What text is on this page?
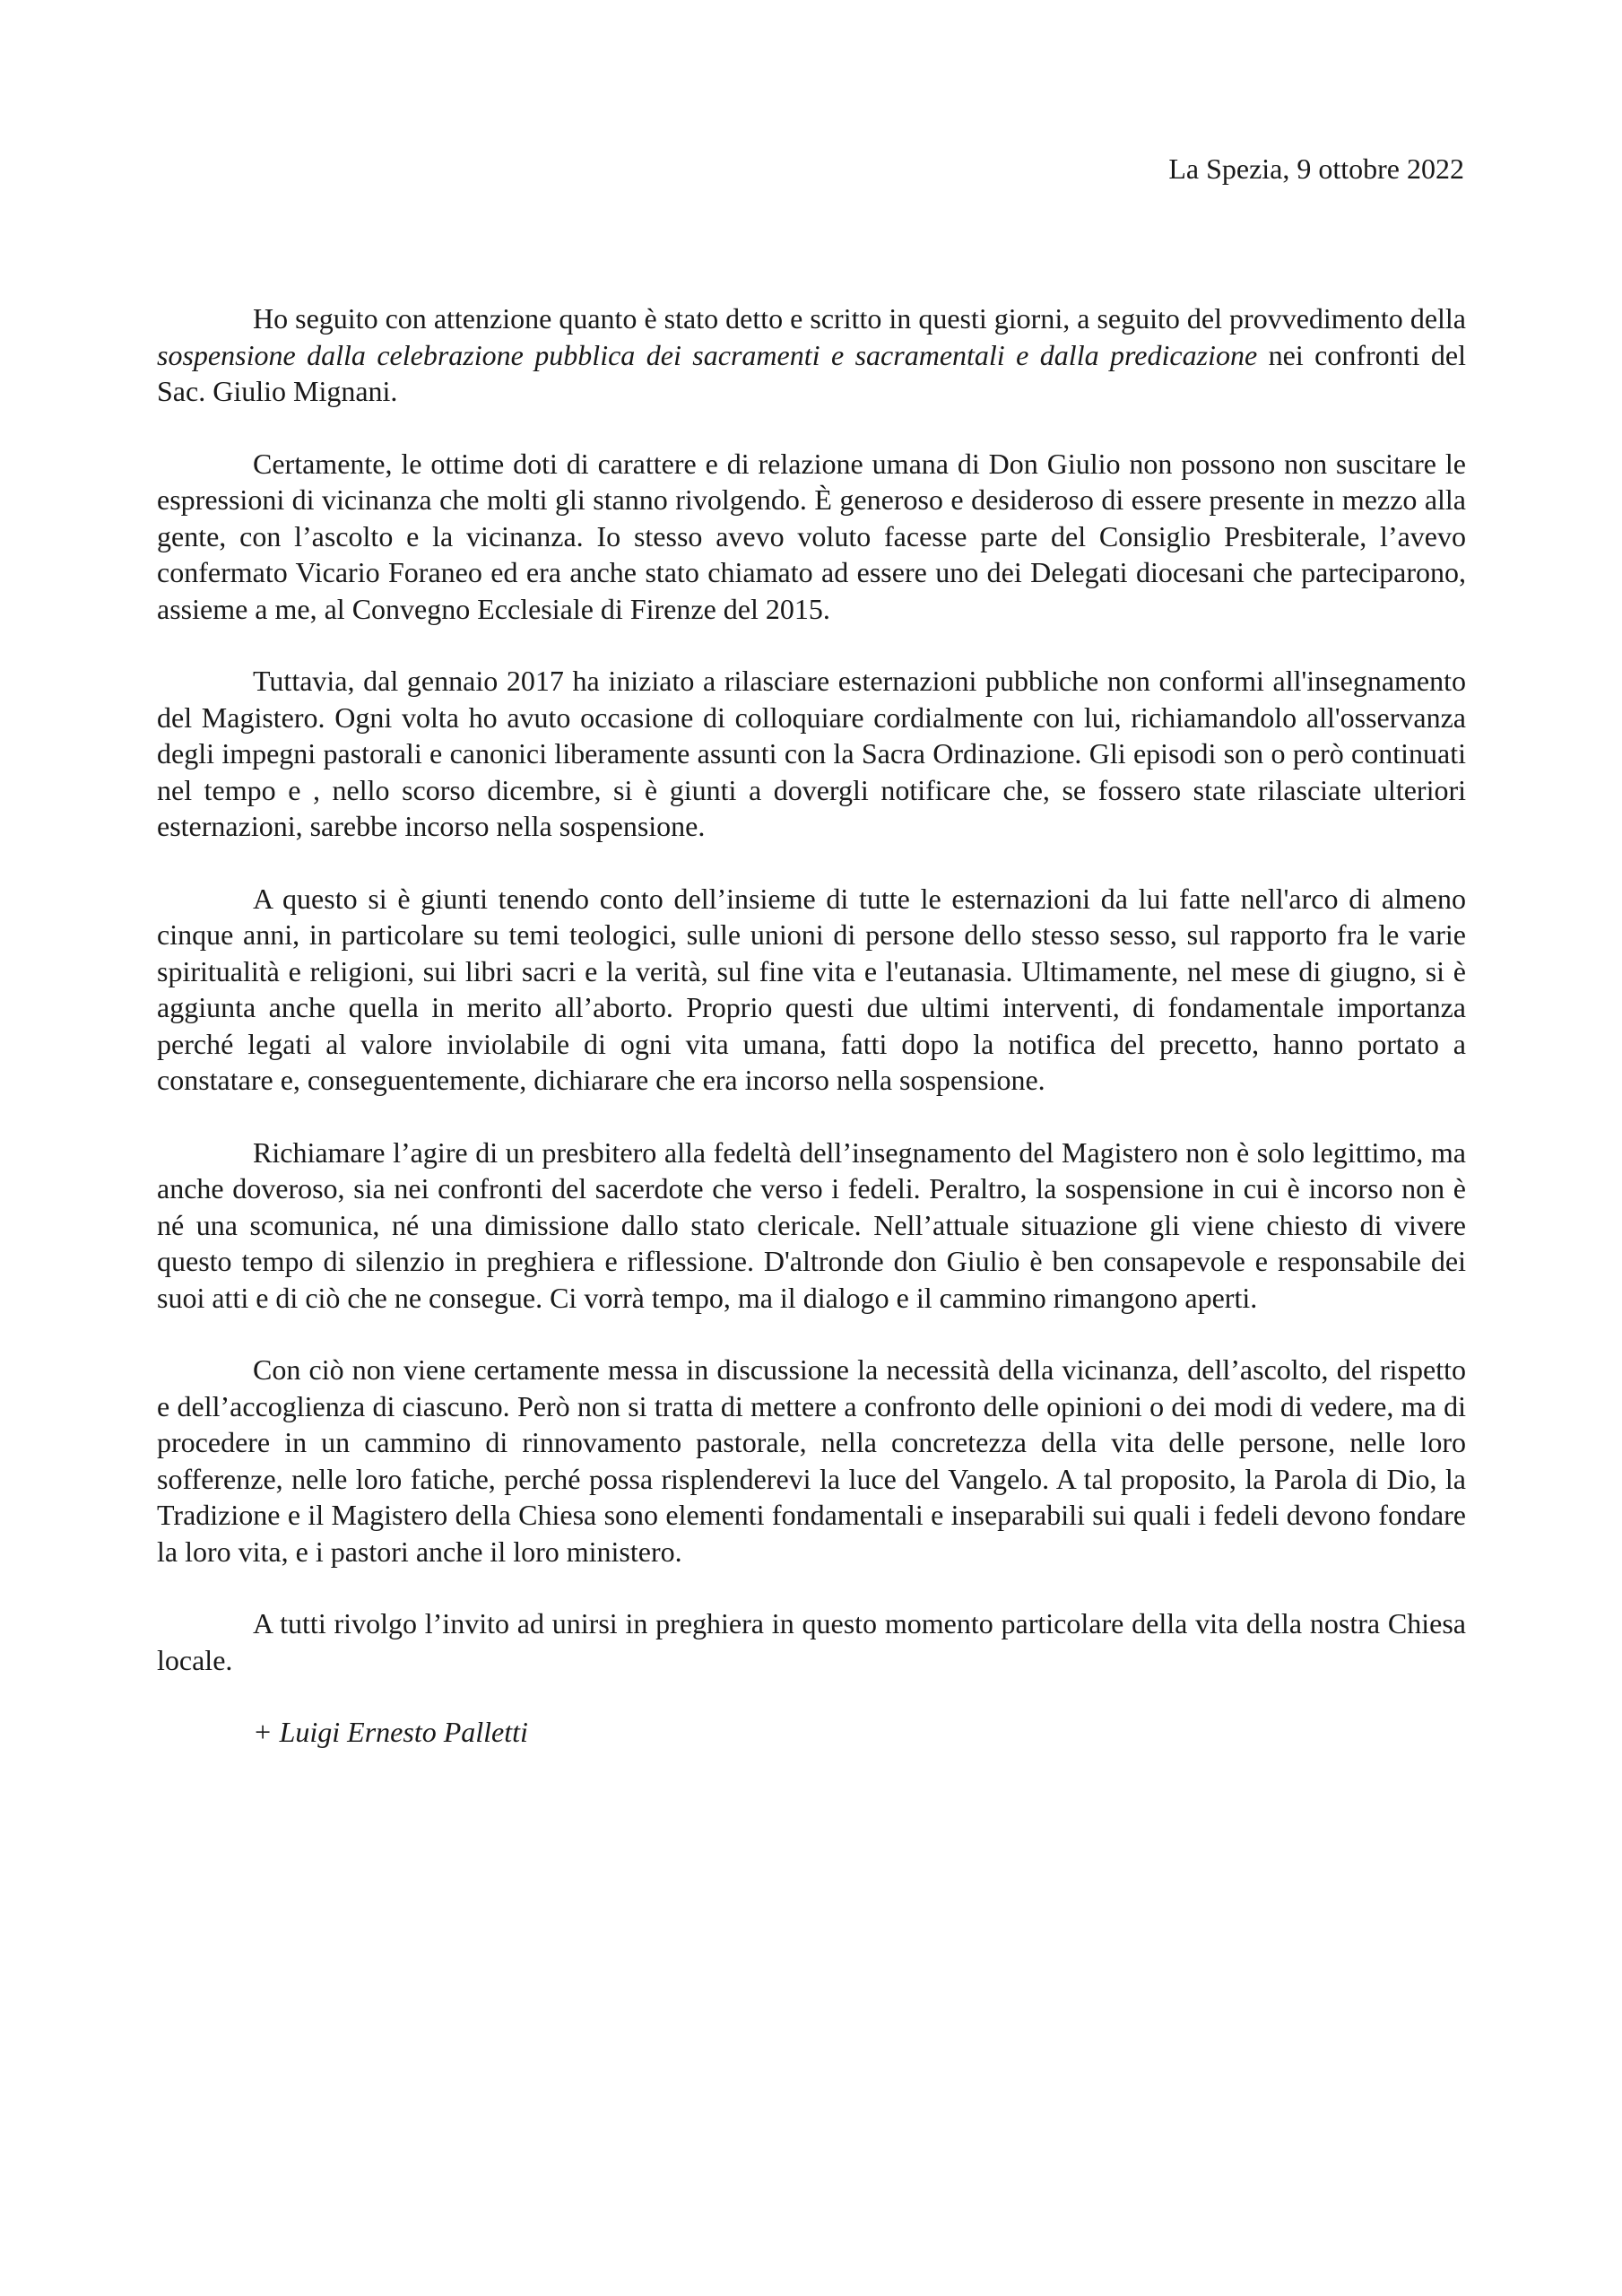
La Spezia, 9 ottobre 2022

Ho seguito con attenzione quanto è stato detto e scritto in questi giorni, a seguito del provvedimento della sospensione dalla celebrazione pubblica dei sacramenti e sacramentali e dalla predicazione nei confronti del Sac. Giulio Mignani.

Certamente, le ottime doti di carattere e di relazione umana di Don Giulio non possono non suscitare le espressioni di vicinanza che molti gli stanno rivolgendo. È generoso e desideroso di essere presente in mezzo alla gente, con l’ascolto e la vicinanza. Io stesso avevo voluto facesse parte del Consiglio Presbiterale, l’avevo confermato Vicario Foraneo ed era anche stato chiamato ad essere uno dei Delegati diocesani che parteciparono, assieme a me, al Convegno Ecclesiale di Firenze del 2015.

Tuttavia, dal gennaio 2017 ha iniziato a rilasciare esternazioni pubbliche non conformi all'insegnamento del Magistero. Ogni volta ho avuto occasione di colloquiare cordialmente con lui, richiamandolo all'osservanza degli impegni pastorali e canonici liberamente assunti con la Sacra Ordinazione. Gli episodi son o però continuati nel tempo e , nello scorso dicembre, si è giunti a dovergli notificare che, se fossero state rilasciate ulteriori esternazioni, sarebbe incorso nella sospensione.

A questo si è giunti tenendo conto dell’insieme di tutte le esternazioni da lui fatte nell'arco di almeno cinque anni, in particolare su temi teologici, sulle unioni di persone dello stesso sesso, sul rapporto fra le varie spiritualità e religioni, sui libri sacri e la verità, sul fine vita e l'eutanasia. Ultimamente, nel mese di giugno, si è aggiunta anche quella in merito all’aborto. Proprio questi due ultimi interventi, di fondamentale importanza perché legati al valore inviolabile di ogni vita umana, fatti dopo la notifica del precetto, hanno portato a constatare e, conseguentemente, dichiarare che era incorso nella sospensione.

Richiamare l’agire di un presbitero alla fedeltà dell’insegnamento del Magistero non è solo legittimo, ma anche doveroso, sia nei confronti del sacerdote che verso i fedeli. Peraltro, la sospensione in cui è incorso non è né una scomunica, né una dimissione dallo stato clericale. Nell’attuale situazione gli viene chiesto di vivere questo tempo di silenzio in preghiera e riflessione. D'altronde don Giulio è ben consapevole e responsabile dei suoi atti e di ciò che ne consegue. Ci vorrà tempo, ma il dialogo e il cammino rimangono aperti.

Con ciò non viene certamente messa in discussione la necessità della vicinanza, dell’ascolto, del rispetto e dell’accoglienza di ciascuno. Però non si tratta di mettere a confronto delle opinioni o dei modi di vedere, ma di procedere in un cammino di rinnovamento pastorale, nella concretezza della vita delle persone, nelle loro sofferenze, nelle loro fatiche, perché possa risplenderevi la luce del Vangelo. A tal proposito, la Parola di Dio, la Tradizione e il Magistero della Chiesa sono elementi fondamentali e inseparabili sui quali i fedeli devono fondare la loro vita, e i pastori anche il loro ministero.

A tutti rivolgo l’invito ad unirsi in preghiera in questo momento particolare della vita della nostra Chiesa locale.

+ Luigi Ernesto Palletti
